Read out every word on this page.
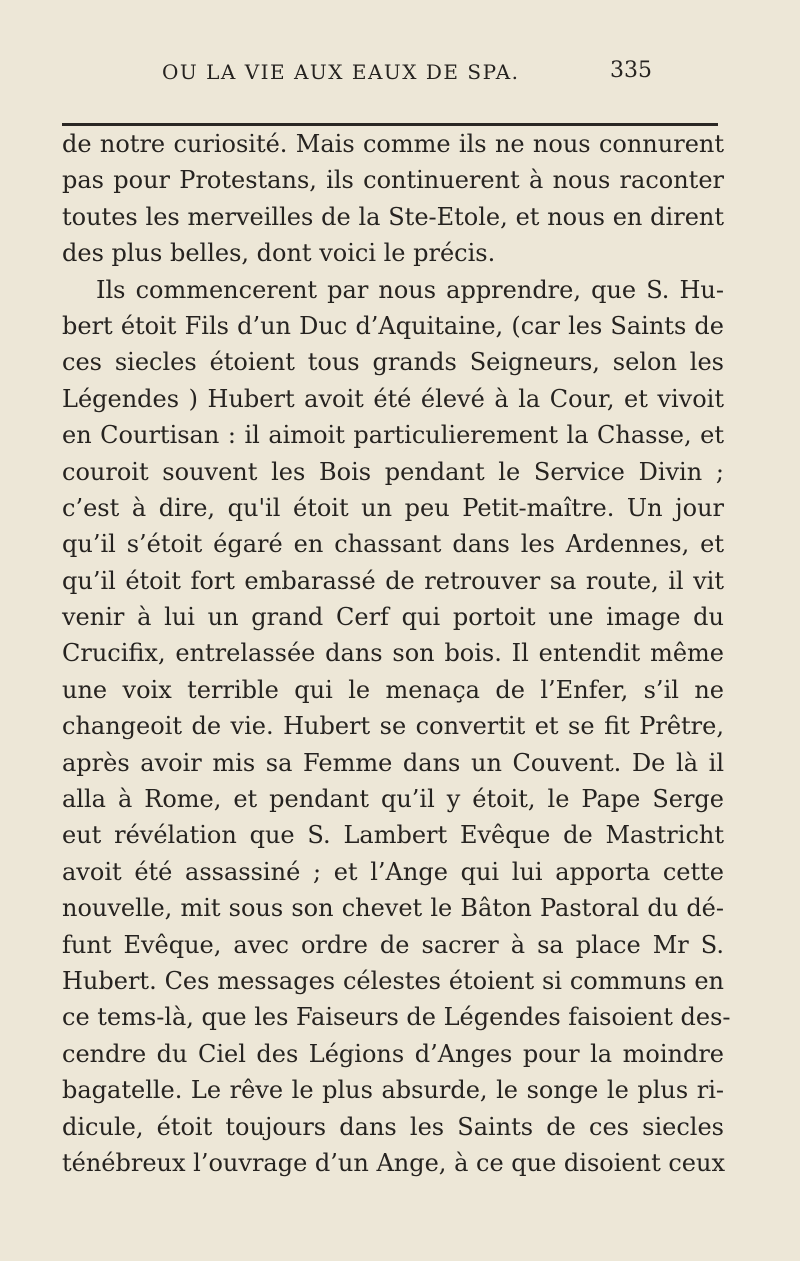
OU LA VIE AUX EAUX DE SPA.	335
de notre curiosité. Mais comme ils ne nous connurent
pas pour Protestans, ils continuerent à nous raconter
toutes les merveilles de la Ste-Etole, et nous en dirent
des plus belles, dont voici le précis.
Ils commencerent par nous apprendre, que S. Hu-
bert étoit Fils d’un Duc d’Aquitaine, (car les Saints de
ces siecles étoient tous grands Seigneurs, selon les
Légendes ) Hubert avoit été élevé à la Cour, et vivoit
en Courtisan : il aimoit particulierement la Chasse, et
couroit souvent les Bois pendant le Service Divin ;
c’est à dire, qu'il étoit un peu Petit-maître. Un jour
qu’il s’étoit égaré en chassant dans les Ardennes, et
qu’il étoit fort embarassé de retrouver sa route, il vit
venir à lui un grand Cerf qui portoit une image du
Crucifix, entrelassée dans son bois. Il entendit même
une voix terrible qui le menaça de l’Enfer, s’il ne
changeoit de vie. Hubert se convertit et se fit Prêtre,
après avoir mis sa Femme dans un Couvent. De là il
alla à Rome, et pendant qu’il y étoit, le Pape Serge
eut révélation que S. Lambert Evêque de Mastricht
avoit été assassiné ; et l’Ange qui lui apporta cette
nouvelle, mit sous son chevet le Bâton Pastoral du dé-
funt Evêque, avec ordre de sacrer à sa place Mr S.
Hubert. Ces messages célestes étoient si communs en
ce tems-là, que les Faiseurs de Légendes faisoient des-
cendre du Ciel des Légions d’Anges pour la moindre
bagatelle. Le rêve le plus absurde, le songe le plus ri-
dicule, étoit toujours dans les Saints de ces siecles
ténébreux l’ouvrage d’un Ange, à ce que disoient ceux
